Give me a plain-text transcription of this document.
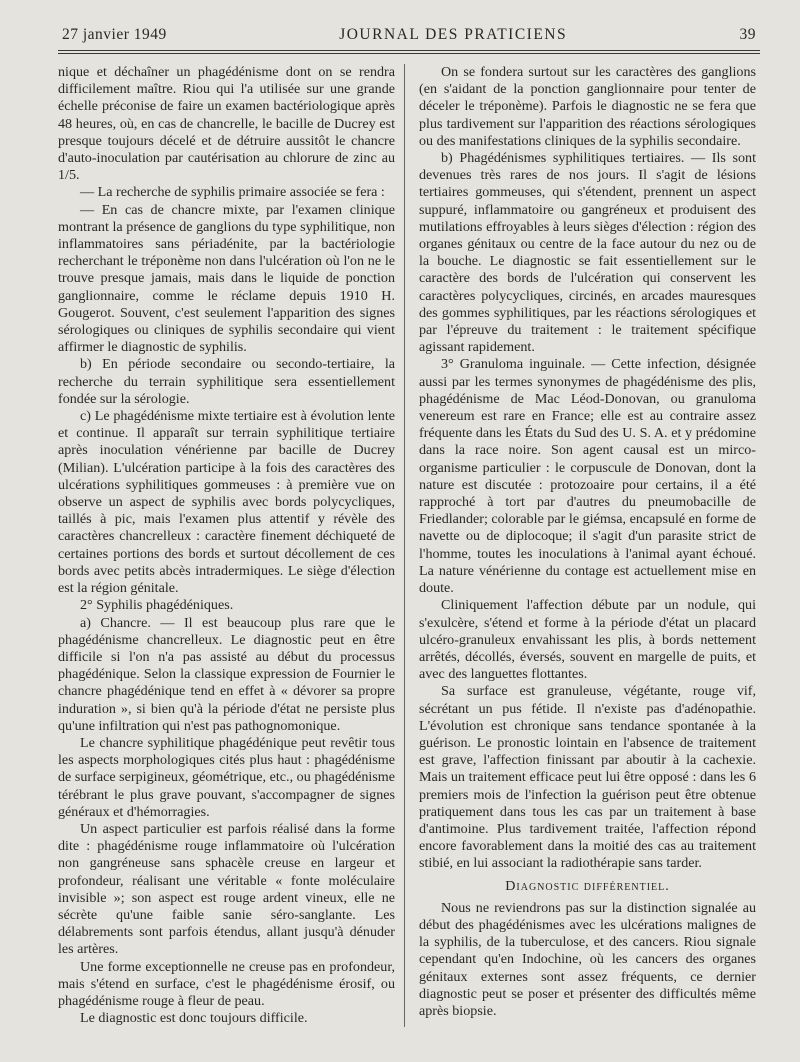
27 janvier 1949	JOURNAL DES PRATICIENS	39

nique et déchaîner un phagédénisme dont on se rendra difficilement maître. Riou qui l'a utilisée sur une grande échelle préconise de faire un examen bactériologique après 48 heures, où, en cas de chancrelle, le bacille de Ducrey est presque toujours décelé et de détruire aussitôt le chancre d'auto-inoculation par cautérisation au chlorure de zinc au 1/5.

— La recherche de syphilis primaire associée se fera :

— En cas de chancre mixte, par l'examen clinique montrant la présence de ganglions du type syphilitique, non inflammatoires sans périadénite, par la bactériologie recherchant le tréponème non dans l'ulcération où l'on ne le trouve presque jamais, mais dans le liquide de ponction ganglionnaire, comme le réclame depuis 1910 H. Gougerot. Souvent, c'est seulement l'apparition des signes sérologiques ou cliniques de syphilis secondaire qui vient affirmer le diagnostic de syphilis.

b) En période secondaire ou secondo-tertiaire, la recherche du terrain syphilitique sera essentiellement fondée sur la sérologie.

c) Le phagédénisme mixte tertiaire est à évolution lente et continue. Il apparaît sur terrain syphilitique tertiaire après inoculation vénérienne par bacille de Ducrey (Milian). L'ulcération participe à la fois des caractères des ulcérations syphilitiques gommeuses : à première vue on observe un aspect de syphilis avec bords polycycliques, taillés à pic, mais l'examen plus attentif y révèle des caractères chancrelleux : caractère finement déchiqueté de certaines portions des bords et surtout décollement de ces bords avec petits abcès intradermiques. Le siège d'élection est la région génitale.

2° Syphilis phagédéniques.

a) Chancre. — Il est beaucoup plus rare que le phagédénisme chancrelleux. Le diagnostic peut en être difficile si l'on n'a pas assisté au début du processus phagédénique. Selon la classique expression de Fournier le chancre phagédénique tend en effet à « dévorer sa propre induration », si bien qu'à la période d'état ne persiste plus qu'une infiltration qui n'est pas pathognomonique.

Le chancre syphilitique phagédénique peut revêtir tous les aspects morphologiques cités plus haut : phagédénisme de surface serpigineux, géométrique, etc., ou phagédénisme térébrant le plus grave pouvant, s'accompagner de signes généraux et d'hémorragies.

Un aspect particulier est parfois réalisé dans la forme dite : phagédénisme rouge inflammatoire où l'ulcération non gangréneuse sans sphacèle creuse en largeur et profondeur, réalisant une véritable « fonte moléculaire invisible »; son aspect est rouge ardent vineux, elle ne sécrète qu'une faible sanie séro-sanglante. Les délabrements sont parfois étendus, allant jusqu'à dénuder les artères.

Une forme exceptionnelle ne creuse pas en profondeur, mais s'étend en surface, c'est le phagédénisme érosif, ou phagédénisme rouge à fleur de peau.

Le diagnostic est donc toujours difficile.

On se fondera surtout sur les caractères des ganglions (en s'aidant de la ponction ganglionnaire pour tenter de déceler le tréponème). Parfois le diagnostic ne se fera que plus tardivement sur l'apparition des réactions sérologiques ou des manifestations cliniques de la syphilis secondaire.

b) Phagédénismes syphilitiques tertiaires. — Ils sont devenues très rares de nos jours. Il s'agit de lésions tertiaires gommeuses, qui s'étendent, prennent un aspect suppuré, inflammatoire ou gangréneux et produisent des mutilations effroyables à leurs sièges d'élection : région des organes génitaux ou centre de la face autour du nez ou de la bouche. Le diagnostic se fait essentiellement sur le caractère des bords de l'ulcération qui conservent les caractères polycycliques, circinés, en arcades mauresques des gommes syphilitiques, par les réactions sérologiques et par l'épreuve du traitement : le traitement spécifique agissant rapidement.

3° Granuloma inguinale. — Cette infection, désignée aussi par les termes synonymes de phagédénisme des plis, phagédénisme de Mac Léod-Donovan, ou granuloma venereum est rare en France; elle est au contraire assez fréquente dans les États du Sud des U. S. A. et y prédomine dans la race noire. Son agent causal est un mirco-organisme particulier : le corpuscule de Donovan, dont la nature est discutée : protozoaire pour certains, il a été rapproché à tort par d'autres du pneumobacille de Friedlander; colorable par le giémsa, encapsulé en forme de navette ou de diplocoque; il s'agit d'un parasite strict de l'homme, toutes les inoculations à l'animal ayant échoué. La nature vénérienne du contage est actuellement mise en doute.

Cliniquement l'affection débute par un nodule, qui s'exulcère, s'étend et forme à la période d'état un placard ulcéro-granuleux envahissant les plis, à bords nettement arrêtés, décollés, éversés, souvent en margelle de puits, et avec des languettes flottantes.

Sa surface est granuleuse, végétante, rouge vif, sécrétant un pus fétide. Il n'existe pas d'adénopathie. L'évolution est chronique sans tendance spontanée à la guérison. Le pronostic lointain en l'absence de traitement est grave, l'affection finissant par aboutir à la cachexie. Mais un traitement efficace peut lui être opposé : dans les 6 premiers mois de l'infection la guérison peut être obtenue pratiquement dans tous les cas par un traitement à base d'antimoine. Plus tardivement traitée, l'affection répond encore favorablement dans la moitié des cas au traitement stibié, en lui associant la radiothérapie sans tarder.

Diagnostic différentiel.

Nous ne reviendrons pas sur la distinction signalée au début des phagédénismes avec les ulcérations malignes de la syphilis, de la tuberculose, et des cancers. Riou signale cependant qu'en Indochine, où les cancers des organes génitaux externes sont assez fréquents, ce dernier diagnostic peut se poser et présenter des difficultés même après biopsie.
